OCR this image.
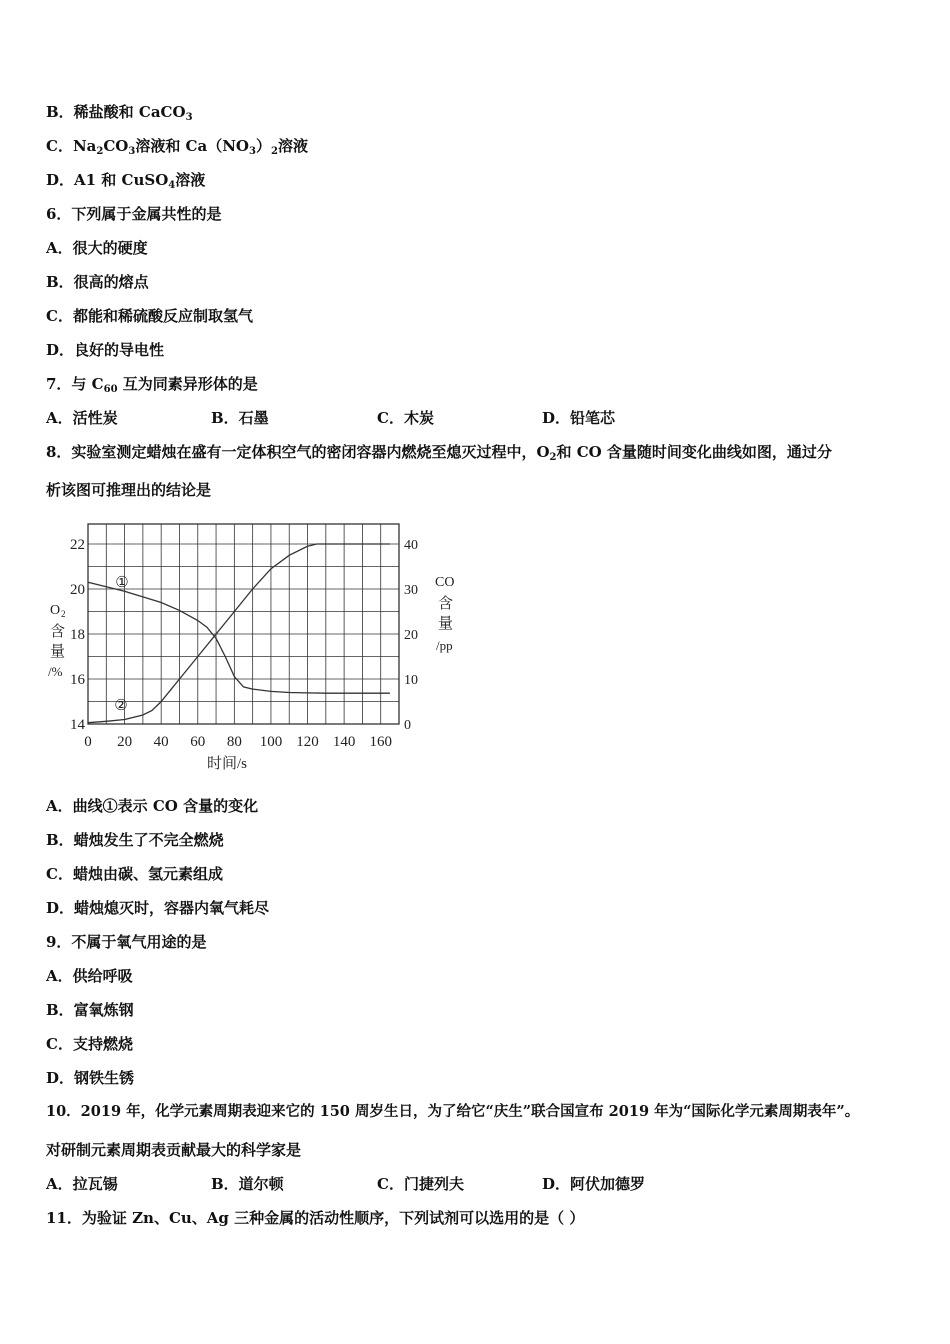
B．稀盐酸和 CaCO$_3$
C．$Na_2CO_3$溶液和 $Ca(NO_3)_2$溶液
D．A1 和 CuSO$_4$溶液
6．下列属于金属共性的是
A．很大的硬度
B．很高的熔点
C．都能和稀硫酸反应制取氢气
D．良好的导电性
7．与 $C_{60}$ 互为同素异形体的是
A．活性炭	B．石墨	C．木炭	D．铅笔芯
8．实验室测定蜡烛在盛有一定体积空气的密闭容器内燃烧至熄灭过程中，$O_2$和 CO 含量随时间变化曲线如图，通过分
析该图可推理出的结论是
0 20 40 60 80 100 120 140 160
14
16
18
20
22
0
10
20
30
40
时间/s
O 2
含
量
/%
CO
含
量
/pp
①
②
A．曲线①表示 CO 含量的变化
B．蜡烛发生了不完全燃烧
C．蜡烛由碳、氢元素组成
D．蜡烛熄灭时，容器内氧气耗尽
9．不属于氧气用途的是
A．供给呼吸
B．富氧炼钢
C．支持燃烧
D．钢铁生锈
10．2019 年，化学元素周期表迎来它的 150 周岁生日，为了给它“庆生”联合国宣布 2019 年为“国际化学元素周期表年”。
对研制元素周期表贡献最大的科学家是
A．拉瓦锡	B．道尔顿	C．门捷列夫	D．阿伏加德罗
11．为验证 Zn、Cu、Ag 三种金属的活动性顺序，下列试剂可以选用的是（ ）
